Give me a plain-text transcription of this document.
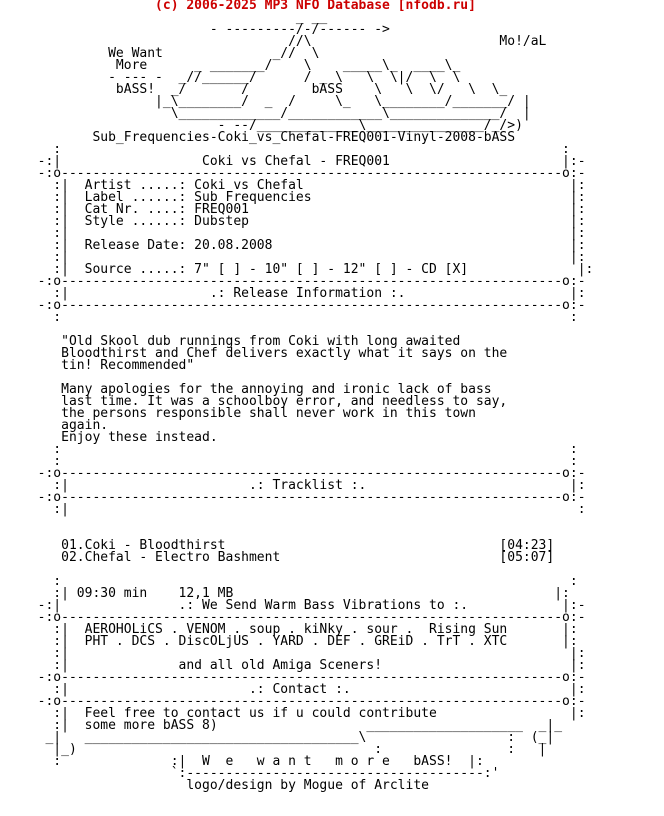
(c) 2006-2025 MP3 NFO Database [nfodb.ru]
_ __
- ---------/-/------ ->
//\                        Mo!/aL
We Want              _//  \
More      _ _______/    \    _____\_  ____\_
- --- -  _//______/      / _ \   \  \|/  \  \
bASS!  _/       /        bASS    \   \  \/   \  \_
|_\________/  _  /     \_   \________/_______/ |
\_____________/____________\______________/  |
- --/_____________\_______________/_/>)
Sub_Frequencies-Coki_vs_Chefal-FREQ001-Vinyl-2008-bASS
:                                                                :
-:|                  Coki vs Chefal - FREQ001                      |:-
-:o----------------------------------------------------------------o:-
:|  Artist .....: Coki vs Chefal                                  |:
:|  Label ......: Sub Frequencies                                 |:
:|  Cat Nr. ....: FREQ001                                         |:
:|  Style ......: Dubstep                                         |:
:|                                                                |:
:|  Release Date: 20.08.2008                                      |:
:|                                                                |:
:|  Source .....: 7" [ ] - 10" [ ] - 12" [ ] - CD [X]              |:
-:o----------------------------------------------------------------o:-
:|                  .: Release Information :.                     |:
-:o----------------------------------------------------------------o:-
:                                                                 :

"Old Skool dub runnings from Coki with long awaited
Bloodthirst and Chef delivers exactly what it says on the
tin! Recommended"

Many apologies for the annoying and ironic lack of bass
last time. It was a schoolboy error, and needless to say,
the persons responsible shall never work in this town
again.
Enjoy these instead.
:                                                                 :
:                                                                 :
-:o----------------------------------------------------------------o:-
:|                       .: Tracklist :.                          |:
-:o----------------------------------------------------------------o:-
:|                                                                 :

01.Coki - Bloodthirst                                   [04:23]
02.Chefal - Electro Bashment                            [05:07]

:                                                                 :
:| 09:30 min    12,1 MB                                         |:
-:|               .: We Send Warm Bass Vibrations to :.            |:-
-:o----------------------------------------------------------------o:-
:|  AEROHOLiCS . VENOM . soup . kiNky . sour .  Rising Sun       |:
:|  PHT . DCS . DiscOLjUS . YARD . DEF . GREiD . TrT . XTC       |:
:|                                                                |:
:|              and all old Amiga Sceners!                        |:
-:o----------------------------------------------------------------o:-
:|                       .: Contact :.                            |:
-:o----------------------------------------------------------------o:-
:|  Feel free to contact us if u could contribute                 |:
:|  some more bASS 8)                   ____________________  _|_
_|   ___________________________________\                  :  (_|
|_)                                      :                :   |
:              :|  W  e   w a n t   m o r e   bASS!  |:
`:--------------------------------------:'
logo/design by Mogue of Arclite
